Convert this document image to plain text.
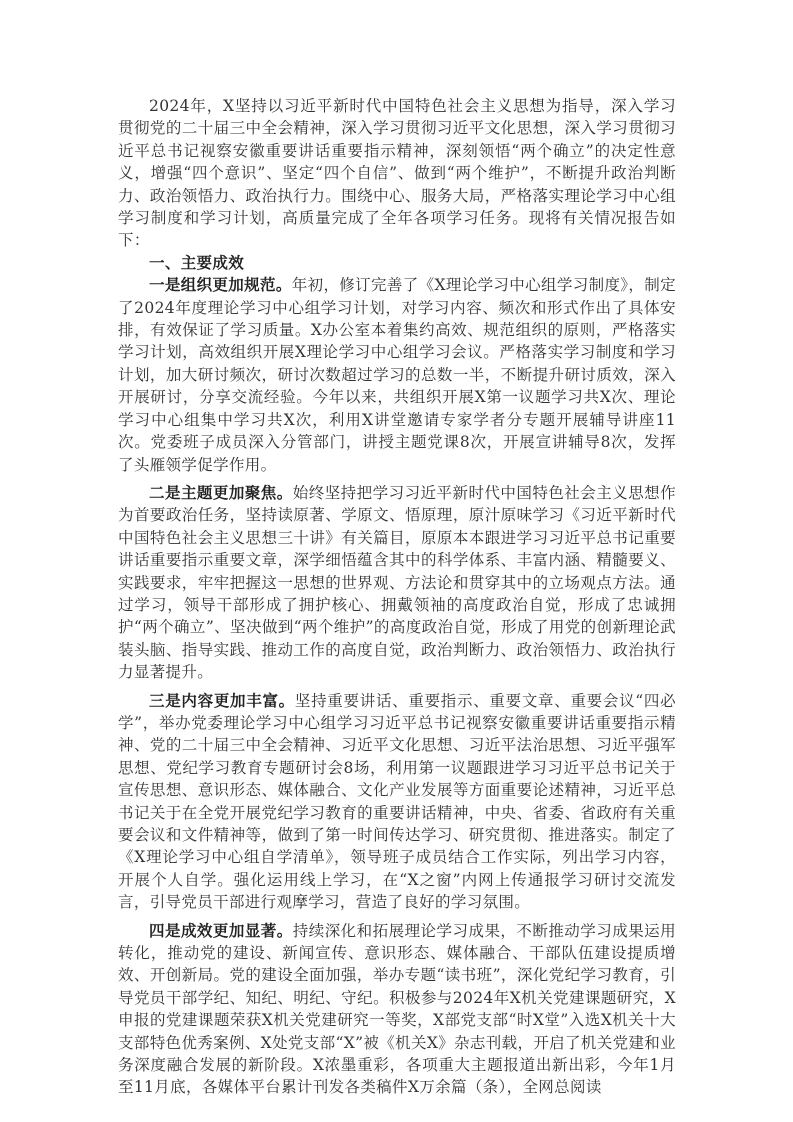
2024年，X坚持以习近平新时代中国特色社会主义思想为指导，深入学习贯彻党的二十届三中全会精神，深入学习贯彻习近平文化思想，深入学习贯彻习近平总书记视察安徽重要讲话重要指示精神，深刻领悟“两个确立”的决定性意义，增强“四个意识”、坚定“四个自信”、做到“两个维护”，不断提升政治判断力、政治领悟力、政治执行力。围绕中心、服务大局，严格落实理论学习中心组学习制度和学习计划，高质量完成了全年各项学习任务。现将有关情况报告如下：

一、主要成效

一是组织更加规范。年初，修订完善了《X理论学习中心组学习制度》，制定了2024年度理论学习中心组学习计划，对学习内容、频次和形式作出了具体安排，有效保证了学习质量。X办公室本着集约高效、规范组织的原则，严格落实学习计划，高效组织开展X理论学习中心组学习会议。严格落实学习制度和学习计划，加大研讨频次，研讨次数超过学习的总数一半，不断提升研讨质效，深入开展研讨，分享交流经验。今年以来，共组织开展X第一议题学习共X次、理论学习中心组集中学习共X次，利用X讲堂邀请专家学者分专题开展辅导讲座11次。党委班子成员深入分管部门，讲授主题党课8次，开展宣讲辅导8次，发挥了头雁领学促学作用。

二是主题更加聚焦。始终坚持把学习习近平新时代中国特色社会主义思想作为首要政治任务，坚持读原著、学原文、悟原理，原汁原味学习《习近平新时代中国特色社会主义思想三十讲》有关篇目，原原本本跟进学习习近平总书记重要讲话重要指示重要文章，深学细悟蕴含其中的科学体系、丰富内涵、精髓要义、实践要求，牢牢把握这一思想的世界观、方法论和贯穿其中的立场观点方法。通过学习，领导干部形成了拥护核心、拥戴领袖的高度政治自觉，形成了忠诚拥护“两个确立”、坚决做到“两个维护”的高度政治自觉，形成了用党的创新理论武装头脑、指导实践、推动工作的高度自觉，政治判断力、政治领悟力、政治执行力显著提升。

三是内容更加丰富。坚持重要讲话、重要指示、重要文章、重要会议“四必学”，举办党委理论学习中心组学习习近平总书记视察安徽重要讲话重要指示精神、党的二十届三中全会精神、习近平文化思想、习近平法治思想、习近平强军思想、党纪学习教育专题研讨会8场，利用第一议题跟进学习习近平总书记关于宣传思想、意识形态、媒体融合、文化产业发展等方面重要论述精神，习近平总书记关于在全党开展党纪学习教育的重要讲话精神，中央、省委、省政府有关重要会议和文件精神等，做到了第一时间传达学习、研究贯彻、推进落实。制定了《X理论学习中心组自学清单》，领导班子成员结合工作实际，列出学习内容，开展个人自学。强化运用线上学习，在“X之窗”内网上传通报学习研讨交流发言，引导党员干部进行观摩学习，营造了良好的学习氛围。

四是成效更加显著。持续深化和拓展理论学习成果，不断推动学习成果运用转化，推动党的建设、新闻宣传、意识形态、媒体融合、干部队伍建设提质增效、开创新局。党的建设全面加强，举办专题“读书班”，深化党纪学习教育，引导党员干部学纪、知纪、明纪、守纪。积极参与2024年X机关党建课题研究，X申报的党建课题荣获X机关党建研究一等奖，X部党支部“时X堂”入选X机关十大支部特色优秀案例、X处党支部“X”被《机关X》杂志刊载，开启了机关党建和业务深度融合发展的新阶段。X浓墨重彩，各项重大主题报道出新出彩，今年1月至11月底，各媒体平台累计刊发各类稿件X万余篇（条），全网总阅读
